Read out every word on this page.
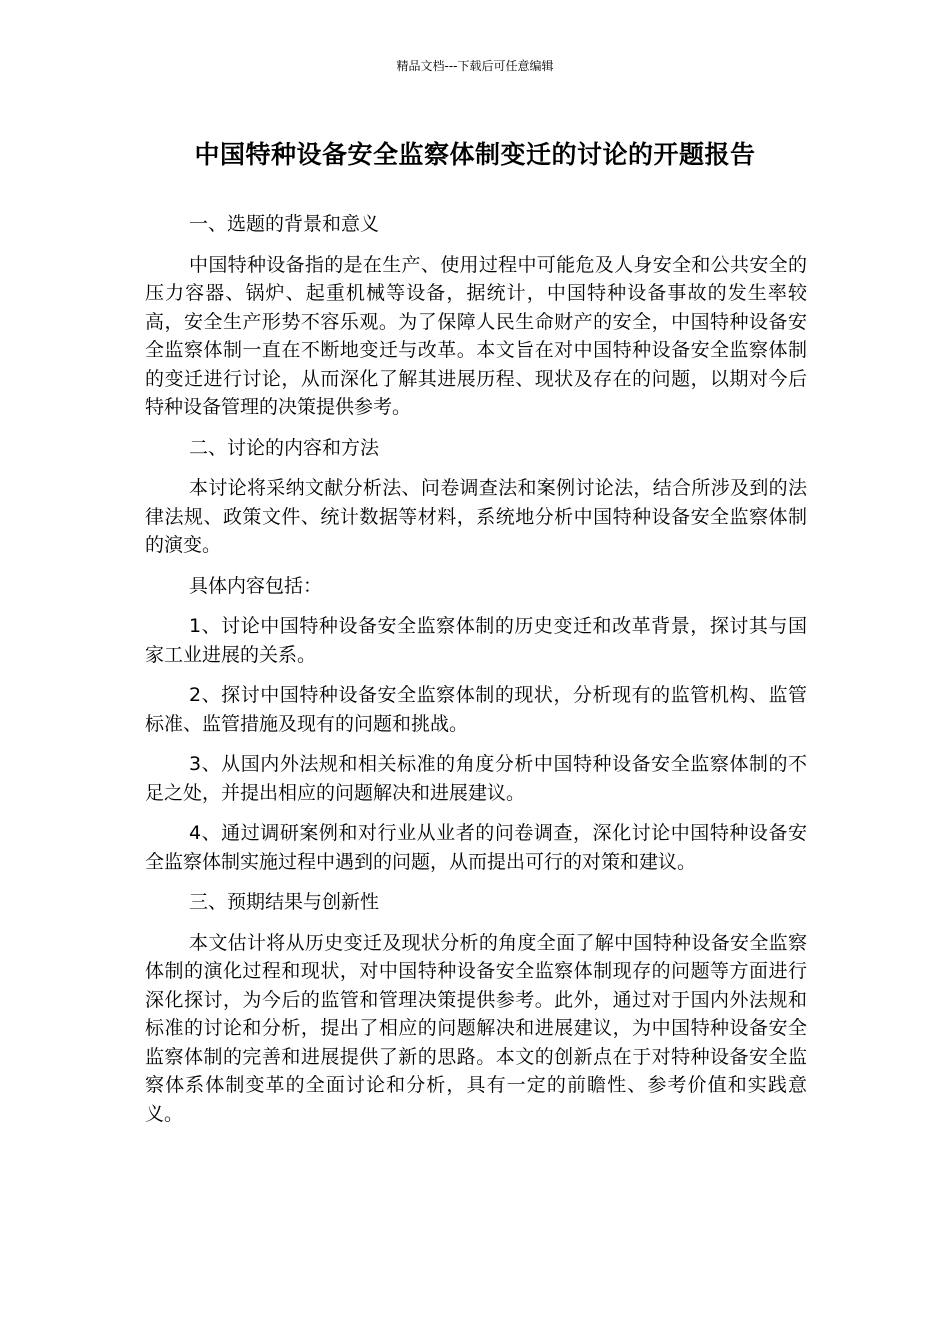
精品文档---下载后可任意编辑
中国特种设备安全监察体制变迁的讨论的开题报告

一、选题的背景和意义

中国特种设备指的是在生产、使用过程中可能危及人身安全和公共安全的压力容器、锅炉、起重机械等设备，据统计，中国特种设备事故的发生率较高，安全生产形势不容乐观。为了保障人民生命财产的安全，中国特种设备安全监察体制一直在不断地变迁与改革。本文旨在对中国特种设备安全监察体制的变迁进行讨论，从而深化了解其进展历程、现状及存在的问题，以期对今后特种设备管理的决策提供参考。

二、讨论的内容和方法

本讨论将采纳文献分析法、问卷调查法和案例讨论法，结合所涉及到的法律法规、政策文件、统计数据等材料，系统地分析中国特种设备安全监察体制的演变。

具体内容包括：

1、讨论中国特种设备安全监察体制的历史变迁和改革背景，探讨其与国家工业进展的关系。

2、探讨中国特种设备安全监察体制的现状，分析现有的监管机构、监管标准、监管措施及现有的问题和挑战。

3、从国内外法规和相关标准的角度分析中国特种设备安全监察体制的不足之处，并提出相应的问题解决和进展建议。

4、通过调研案例和对行业从业者的问卷调查，深化讨论中国特种设备安全监察体制实施过程中遇到的问题，从而提出可行的对策和建议。

三、预期结果与创新性

本文估计将从历史变迁及现状分析的角度全面了解中国特种设备安全监察体制的演化过程和现状，对中国特种设备安全监察体制现存的问题等方面进行深化探讨，为今后的监管和管理决策提供参考。此外，通过对于国内外法规和标准的讨论和分析，提出了相应的问题解决和进展建议，为中国特种设备安全监察体制的完善和进展提供了新的思路。本文的创新点在于对特种设备安全监察体系体制变革的全面讨论和分析，具有一定的前瞻性、参考价值和实践意义。
